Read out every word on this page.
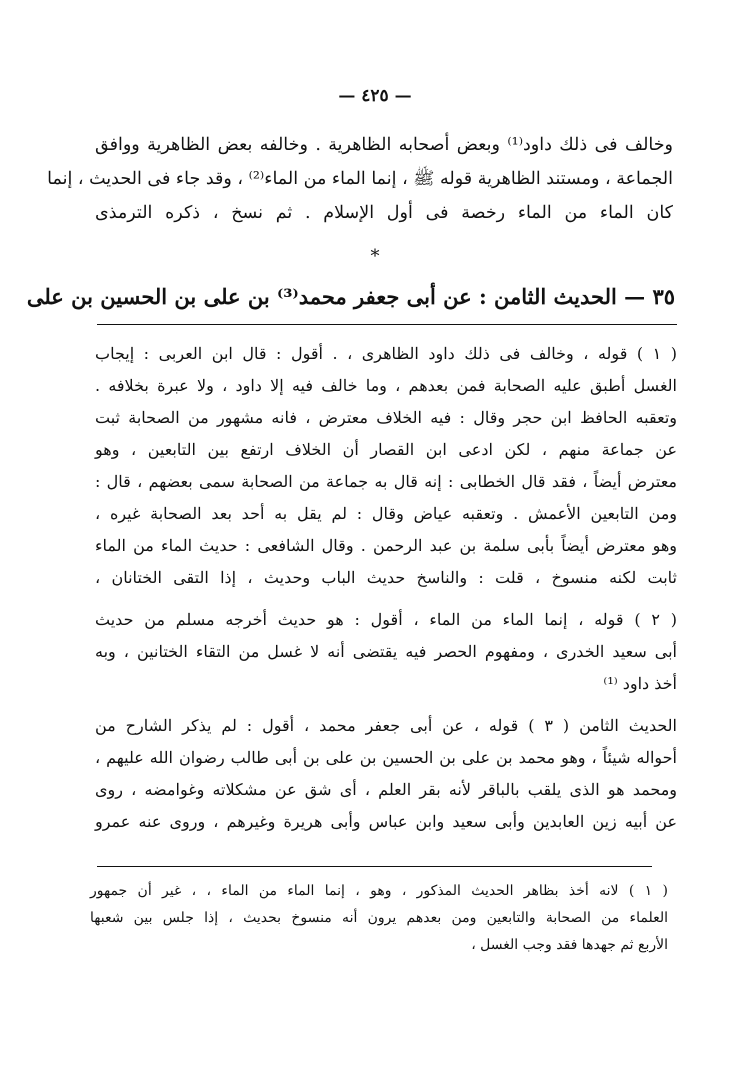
— ٤٢٥ —
وخالف فى ذلك داود⁽¹⁾ وبعض أصحابه الظاهرية . وخالفه بعض الظاهرية ووافق
الجماعة ، ومستند الظاهرية قوله ﷺ ، إنما الماء من الماء⁽²⁾ ، وقد جاء فى الحديث ، إنما
كان الماء من الماء رخصة فى أول الإسلام . ثم نسخ ، ذكره الترمذى
*
٣٥ — الحديث الثامن : عن أبى جعفر محمد⁽³⁾ بن على بن الحسين بن على
( ١ ) قوله ، وخالف فى ذلك داود الظاهرى ، . أقول : قال ابن العربى : إيجاب
الغسل أطبق عليه الصحابة فمن بعدهم ، وما خالف فيه إلا داود ، ولا عبرة بخلافه .
وتعقبه الحافظ ابن حجر وقال : فيه الخلاف معترض ، فانه مشهور من الصحابة ثبت
عن جماعة منهم ، لكن ادعى ابن القصار أن الخلاف ارتفع بين التابعين ، وهو
معترض أيضاً ، فقد قال الخطابى : إنه قال به جماعة من الصحابة سمى بعضهم ، قال :
ومن التابعين الأعمش . وتعقبه عياض وقال : لم يقل به أحد بعد الصحابة غيره ،
وهو معترض أيضاً بأبى سلمة بن عبد الرحمن . وقال الشافعى : حديث الماء من الماء
ثابت لكنه منسوخ ، قلت : والناسخ حديث الباب وحديث ، إذا التقى الختانان ،
( ٢ ) قوله ، إنما الماء من الماء ، أقول : هو حديث أخرجه مسلم من حديث
أبى سعيد الخدرى ، ومفهوم الحصر فيه يقتضى أنه لا غسل من التقاء الختانين ، وبه
أخذ داود ⁽¹⁾
الحديث الثامن ( ٣ ) قوله ، عن أبى جعفر محمد ، أقول : لم يذكر الشارح من
أحواله شيئاً ، وهو محمد بن على بن الحسين بن على بن أبى طالب رضوان الله عليهم ،
ومحمد هو الذى يلقب بالباقر لأنه بقر العلم ، أى شق عن مشكلاته وغوامضه ، روى
عن أبيه زين العابدين وأبى سعيد وابن عباس وأبى هريرة وغيرهم ، وروى عنه عمرو
( ١ ) لانه أخذ بظاهر الحديث المذكور ، وهو ، إنما الماء من الماء ، ، غير أن جمهور
العلماء من الصحابة والتابعين ومن بعدهم يرون أنه منسوخ بحديث ، إذا جلس بين شعبها
الأربع ثم جهدها فقد وجب الغسل ،
